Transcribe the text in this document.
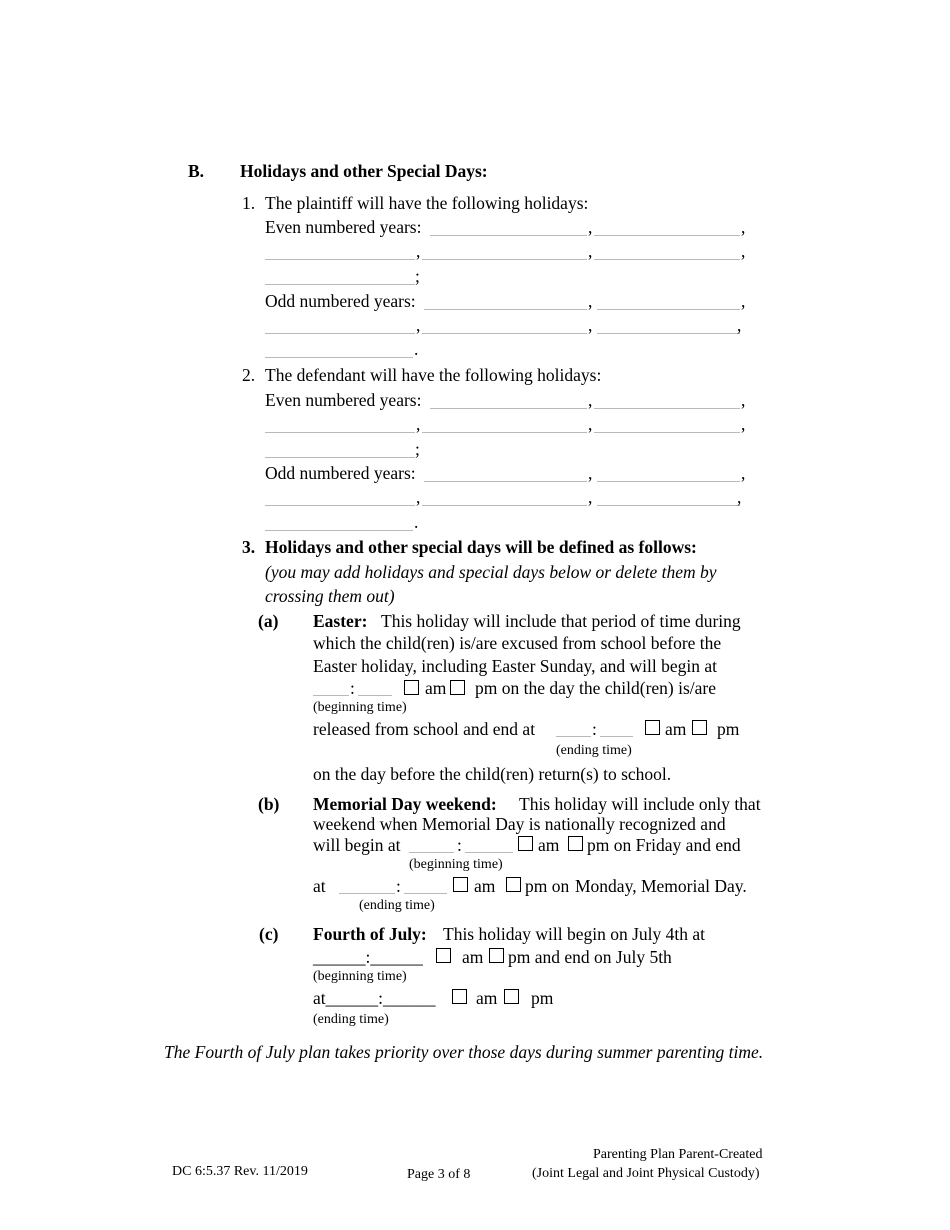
B. Holidays and other Special Days:
1. The plaintiff will have the following holidays:
Even numbered years:	,	,
,	,	,
;
Odd numbered years:	,	,
,	,	,
.
2. The defendant will have the following holidays:
Even numbered years:	,	,
,	,	,
;
Odd numbered years:	,	,
,	,	,
.
3. Holidays and other special days will be defined as follows:
(you may add holidays and special days below or delete them by
crossing them out)
(a) Easter: This holiday will include that period of time during
which the child(ren) is/are excused from school before the
Easter holiday, including Easter Sunday, and will begin at
:	am pm on the day the child(ren) is/are
(beginning time)
released from school and end at	:	am pm
(ending time)
on the day before the child(ren) return(s) to school.
(b) Memorial Day weekend: This holiday will include only that
weekend when Memorial Day is nationally recognized and
will begin at	:	am pm on Friday and end
(beginning time)
at	:	am pm on Monday, Memorial Day.
(ending time)
(c) Fourth of July: This holiday will begin on July 4th at
______:______ am pm and end on July 5th
(beginning time)
at______:______ am pm
(ending time)
The Fourth of July plan takes priority over those days during summer parenting time.
DC 6:5.37 Rev. 11/2019	Page 3 of 8
Parenting Plan Parent-Created
(Joint Legal and Joint Physical Custody)
